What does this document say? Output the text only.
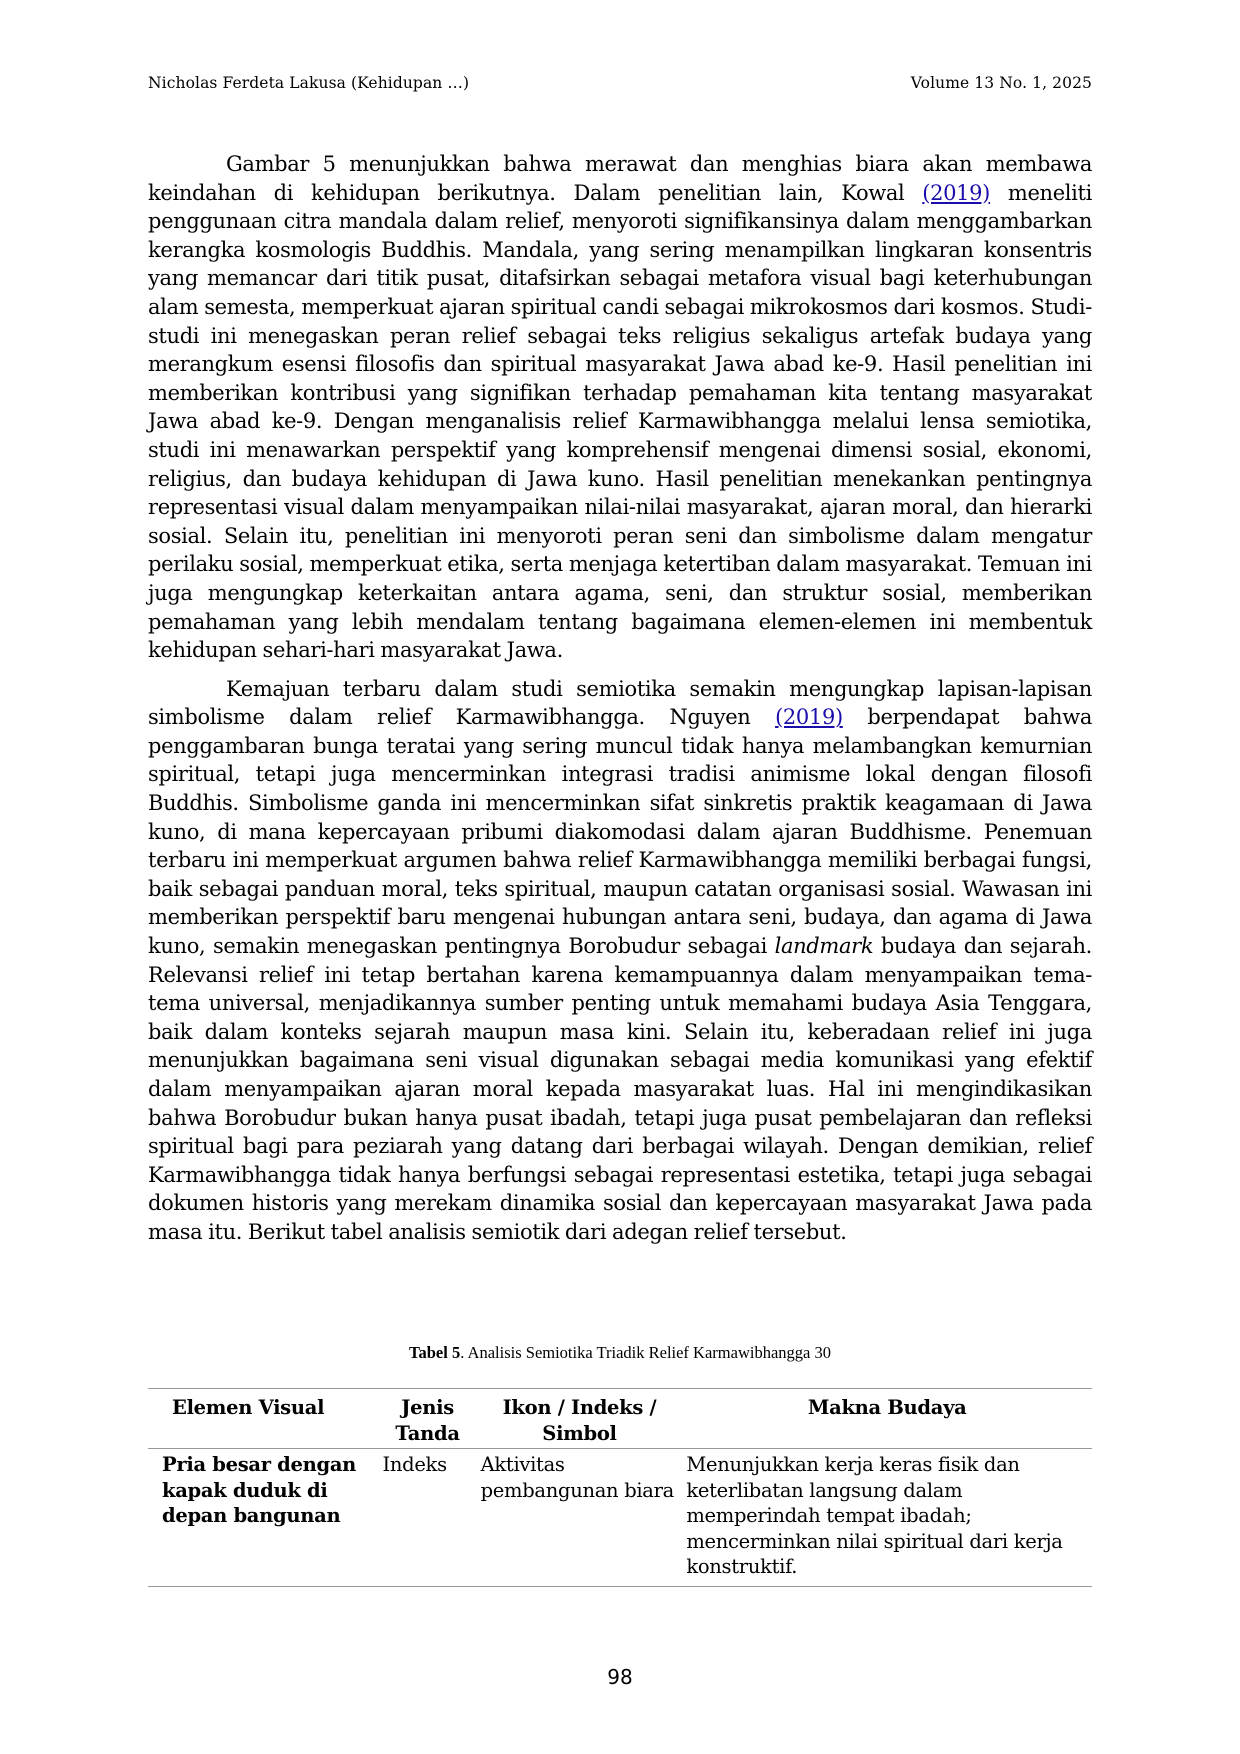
Nicholas Ferdeta Lakusa (Kehidupan …)	Volume 13 No. 1, 2025

Gambar 5 menunjukkan bahwa merawat dan menghias biara akan membawa keindahan di kehidupan berikutnya. Dalam penelitian lain, Kowal (2019) meneliti penggunaan citra mandala dalam relief, menyoroti signifikansinya dalam menggambarkan kerangka kosmologis Buddhis. Mandala, yang sering menampilkan lingkaran konsentris yang memancar dari titik pusat, ditafsirkan sebagai metafora visual bagi keterhubungan alam semesta, memperkuat ajaran spiritual candi sebagai mikrokosmos dari kosmos. Studi-studi ini menegaskan peran relief sebagai teks religius sekaligus artefak budaya yang merangkum esensi filosofis dan spiritual masyarakat Jawa abad ke-9. Hasil penelitian ini memberikan kontribusi yang signifikan terhadap pemahaman kita tentang masyarakat Jawa abad ke-9. Dengan menganalisis relief Karmawibhangga melalui lensa semiotika, studi ini menawarkan perspektif yang komprehensif mengenai dimensi sosial, ekonomi, religius, dan budaya kehidupan di Jawa kuno. Hasil penelitian menekankan pentingnya representasi visual dalam menyampaikan nilai-nilai masyarakat, ajaran moral, dan hierarki sosial. Selain itu, penelitian ini menyoroti peran seni dan simbolisme dalam mengatur perilaku sosial, memperkuat etika, serta menjaga ketertiban dalam masyarakat. Temuan ini juga mengungkap keterkaitan antara agama, seni, dan struktur sosial, memberikan pemahaman yang lebih mendalam tentang bagaimana elemen-elemen ini membentuk kehidupan sehari-hari masyarakat Jawa.

Kemajuan terbaru dalam studi semiotika semakin mengungkap lapisan-lapisan simbolisme dalam relief Karmawibhangga. Nguyen (2019) berpendapat bahwa penggambaran bunga teratai yang sering muncul tidak hanya melambangkan kemurnian spiritual, tetapi juga mencerminkan integrasi tradisi animisme lokal dengan filosofi Buddhis. Simbolisme ganda ini mencerminkan sifat sinkretis praktik keagamaan di Jawa kuno, di mana kepercayaan pribumi diakomodasi dalam ajaran Buddhisme. Penemuan terbaru ini memperkuat argumen bahwa relief Karmawibhangga memiliki berbagai fungsi, baik sebagai panduan moral, teks spiritual, maupun catatan organisasi sosial. Wawasan ini memberikan perspektif baru mengenai hubungan antara seni, budaya, dan agama di Jawa kuno, semakin menegaskan pentingnya Borobudur sebagai landmark budaya dan sejarah. Relevansi relief ini tetap bertahan karena kemampuannya dalam menyampaikan tema-tema universal, menjadikannya sumber penting untuk memahami budaya Asia Tenggara, baik dalam konteks sejarah maupun masa kini. Selain itu, keberadaan relief ini juga menunjukkan bagaimana seni visual digunakan sebagai media komunikasi yang efektif dalam menyampaikan ajaran moral kepada masyarakat luas. Hal ini mengindikasikan bahwa Borobudur bukan hanya pusat ibadah, tetapi juga pusat pembelajaran dan refleksi spiritual bagi para peziarah yang datang dari berbagai wilayah. Dengan demikian, relief Karmawibhangga tidak hanya berfungsi sebagai representasi estetika, tetapi juga sebagai dokumen historis yang merekam dinamika sosial dan kepercayaan masyarakat Jawa pada masa itu. Berikut tabel analisis semiotik dari adegan relief tersebut.

Tabel 5. Analisis Semiotika Triadik Relief Karmawibhangga 30
Elemen Visual	Jenis Tanda	Ikon / Indeks / Simbol	Makna Budaya
Pria besar dengan kapak duduk di depan bangunan	Indeks	Aktivitas pembangunan biara	Menunjukkan kerja keras fisik dan keterlibatan langsung dalam memperindah tempat ibadah; mencerminkan nilai spiritual dari kerja konstruktif.
98
